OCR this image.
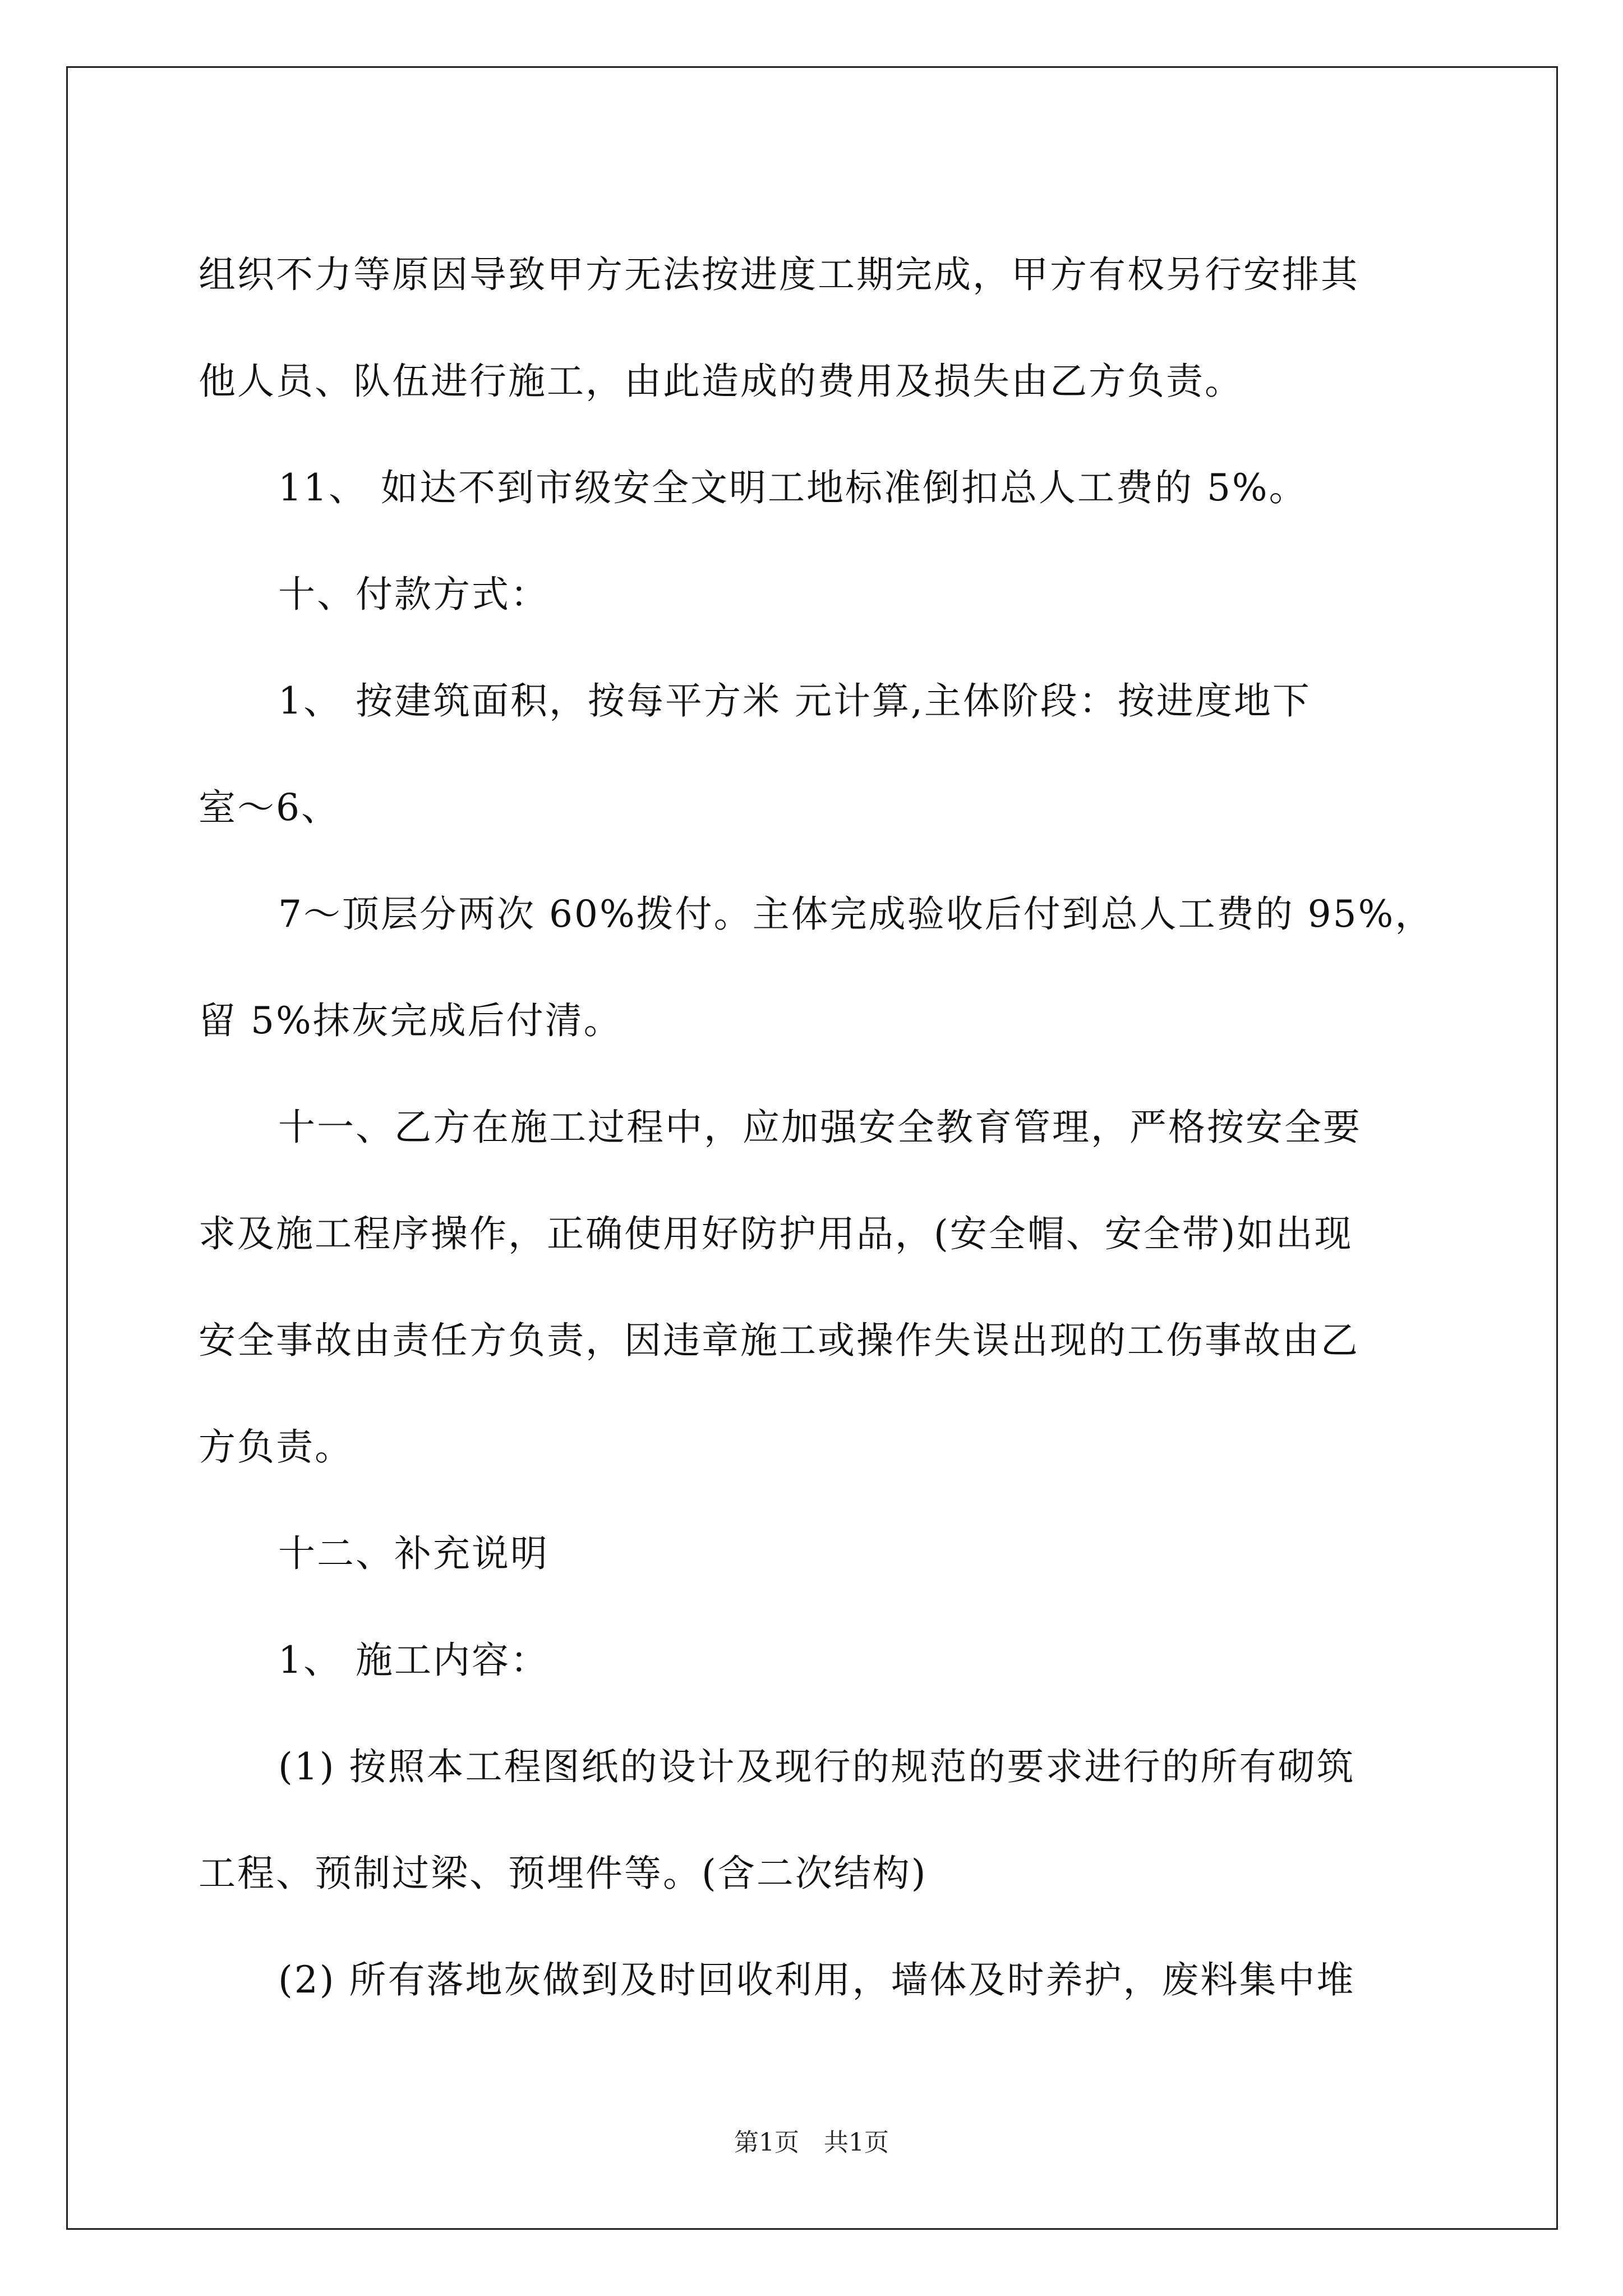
组织不力等原因导致甲方无法按进度工期完成，甲方有权另行安排其

他人员、队伍进行施工，由此造成的费用及损失由乙方负责。

11、 如达不到市级安全文明工地标准倒扣总人工费的 5%。

十、付款方式：

1、 按建筑面积，按每平方米 元计算,主体阶段：按进度地下

室～6、

7～顶层分两次 60%拨付。主体完成验收后付到总人工费的 95%，

留 5%抹灰完成后付清。

十一、乙方在施工过程中，应加强安全教育管理，严格按安全要

求及施工程序操作，正确使用好防护用品，(安全帽、安全带)如出现

安全事故由责任方负责，因违章施工或操作失误出现的工伤事故由乙

方负责。

十二、补充说明

1、 施工内容：

(1) 按照本工程图纸的设计及现行的规范的要求进行的所有砌筑

工程、预制过梁、预埋件等。(含二次结构)

(2) 所有落地灰做到及时回收利用，墙体及时养护，废料集中堆

第1页 共1页
